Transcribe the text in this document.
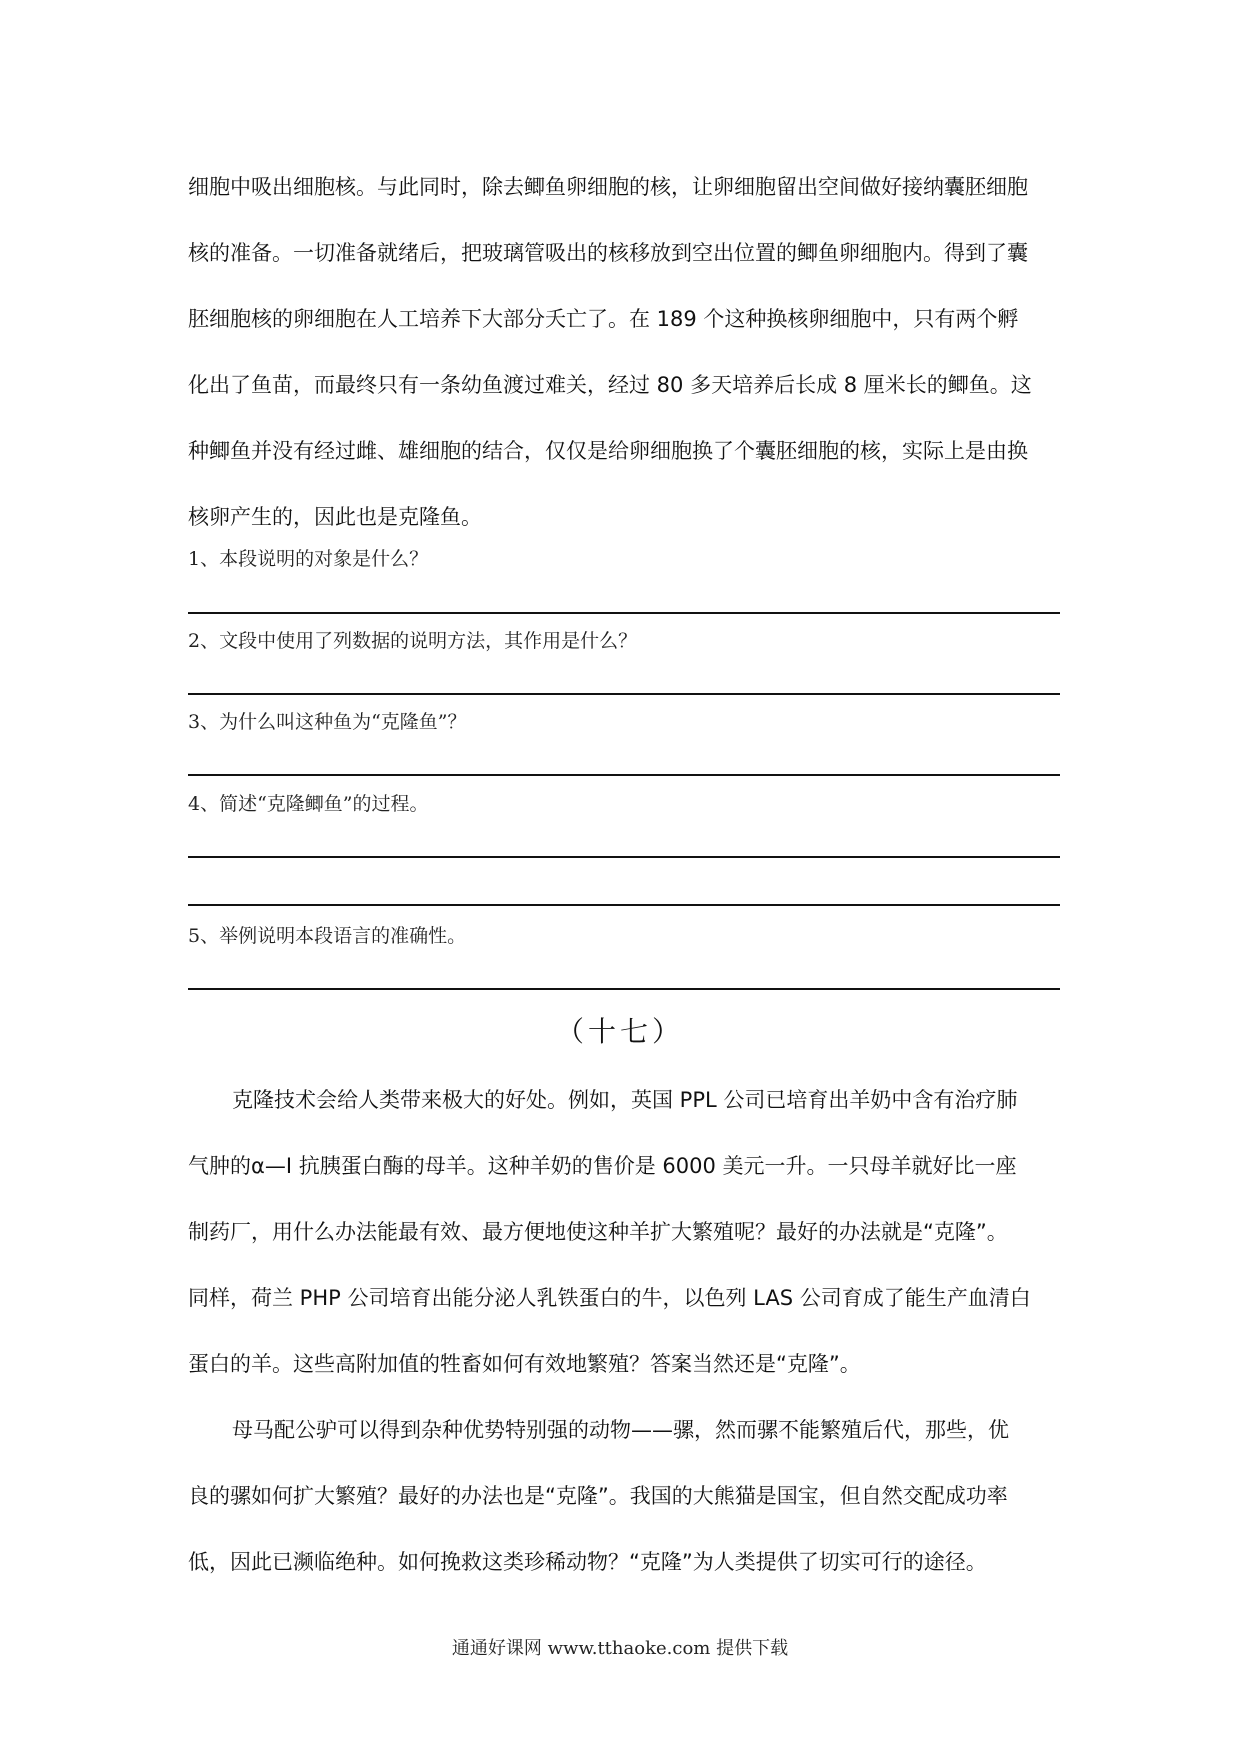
细胞中吸出细胞核。与此同时，除去鲫鱼卵细胞的核，让卵细胞留出空间做好接纳囊胚细胞
核的准备。一切准备就绪后，把玻璃管吸出的核移放到空出位置的鲫鱼卵细胞内。得到了囊
胚细胞核的卵细胞在人工培养下大部分夭亡了。在 189 个这种换核卵细胞中，只有两个孵
化出了鱼苗，而最终只有一条幼鱼渡过难关，经过 80 多天培养后长成 8 厘米长的鲫鱼。这
种鲫鱼并没有经过雌、雄细胞的结合，仅仅是给卵细胞换了个囊胚细胞的核，实际上是由换
核卵产生的，因此也是克隆鱼。
1、本段说明的对象是什么？
2、文段中使用了列数据的说明方法，其作用是什么？
3、为什么叫这种鱼为“克隆鱼”？
4、简述“克隆鲫鱼”的过程。
5、举例说明本段语言的准确性。
（十七）
克隆技术会给人类带来极大的好处。例如，英国 PPL 公司已培育出羊奶中含有治疗肺
气肿的α—I 抗胰蛋白酶的母羊。这种羊奶的售价是 6000 美元一升。一只母羊就好比一座
制药厂，用什么办法能最有效、最方便地使这种羊扩大繁殖呢？最好的办法就是“克隆”。
同样，荷兰 PHP 公司培育出能分泌人乳铁蛋白的牛，以色列 LAS 公司育成了能生产血清白
蛋白的羊。这些高附加值的牲畜如何有效地繁殖？答案当然还是“克隆”。
母马配公驴可以得到杂种优势特别强的动物——骡，然而骡不能繁殖后代，那些，优
良的骡如何扩大繁殖？最好的办法也是“克隆”。我国的大熊猫是国宝，但自然交配成功率
低，因此已濒临绝种。如何挽救这类珍稀动物？“克隆”为人类提供了切实可行的途径。
通通好课网 www.tthaoke.com 提供下载
